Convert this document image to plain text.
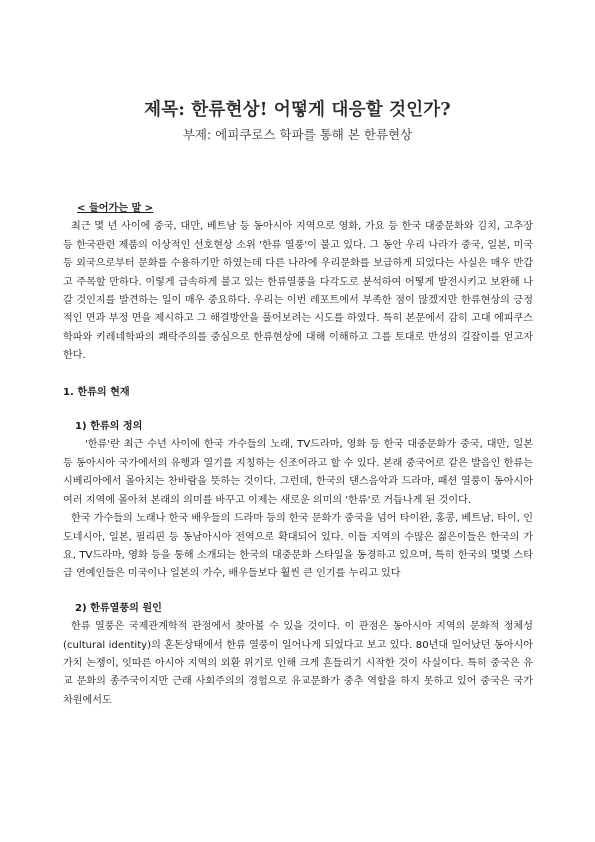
제목: 한류현상! 어떻게 대응할 것인가?

부제: 에피쿠로스 학파를 통해 본 한류현상

< 들어가는 말 >

최근 몇 년 사이에 중국, 대만, 베트남 등 동아시아 지역으로 영화, 가요 등 한국 대중문화와 김치, 고추장 등 한국관련 제품의 이상적인 선호현상 소위 '한류 열풍'이 불고 있다. 그 동안 우리 나라가 중국, 일본, 미국 등 외국으로부터 문화를 수용하기만 하였는데 다른 나라에 우리문화를 보급하게 되었다는 사실은 매우 반갑고 주목할 만하다. 이렇게 급속하게 불고 있는 한류열풍을 다각도로 분석하여 어떻게 발전시키고 보완해 나갈 것인지를 발견하는 일이 매우 중요하다. 우리는 이번 레포트에서 부족한 점이 많겠지만 한류현상의 긍정적인 면과 부정 면을 제시하고 그 해결방안을 풀어보려는 시도를 하였다. 특히 본문에서 감히 고대 에피쿠스학파와 키레네학파의 쾌락주의를 중심으로 한류현상에 대해 이해하고 그를 토대로 반성의 길잡이를 얻고자 한다.

1. 한류의 현재

1) 한류의 정의

'한류'란 최근 수년 사이에 한국 가수들의 노래, TV드라마, 영화 등 한국 대중문화가 중국, 대만, 일본 등 동아시아 국가에서의 유행과 열기를 지칭하는 신조어라고 할 수 있다. 본래 중국어로 같은 발음인 한류는 시베리아에서 몰아치는 찬바람을 뜻하는 것이다. 그런데, 한국의 댄스음악과 드라마, 패션 열풍이 동아시아 여러 지역에 몰아쳐 본래의 의미를 바꾸고 이제는 새로운 의미의 '한류'로 거듭나게 된 것이다.

한국 가수들의 노래나 한국 배우들의 드라마 등의 한국 문화가 중국을 넘어 타이완, 홍콩, 베트남, 타이, 인도네시아, 일본, 필리핀 등 동남아시아 전역으로 확대되어 있다. 이들 지역의 수많은 젊은이들은 한국의 가요, TV드라마, 영화 등을 통해 소개되는 한국의 대중문화 스타일을 동경하고 있으며, 특히 한국의 몇몇 스타급 연예인들은 미국이나 일본의 가수, 배우들보다 훨씬 큰 인기를 누리고 있다

2) 한류열풍의 원인

한류 열풍은 국제관계학적 관점에서 찾아볼 수 있을 것이다. 이 관점은 동아시아 지역의 문화적 정체성(cultural identity)의 혼돈상태에서 한류 열풍이 일어나게 되었다고 보고 있다. 80년대 일어났던 동아시아 가치 논쟁이, 잇따른 아시아 지역의 외환 위기로 인해 크게 흔들리기 시작한 것이 사실이다. 특히 중국은 유교 문화의 종주국이지만 근래 사회주의의 경험으로 유교문화가 중추 역할을 하지 못하고 있어 중국은 국가 차원에서도
